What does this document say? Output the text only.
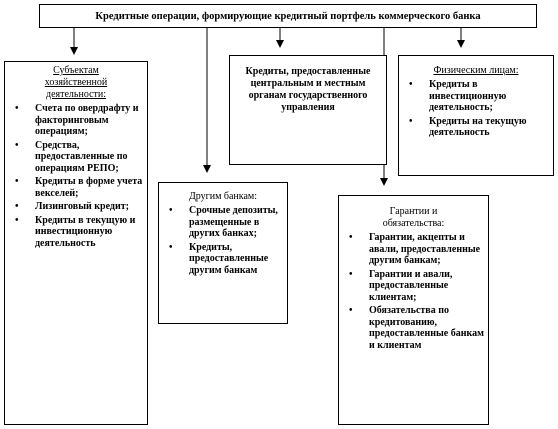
Кредитные операции, формирующие кредитный портфель коммерческого банка
Субъектам хозяйственной деятельности:
• Счета по овердрафту и факторинговым операциям;
• Средства, предоставленные по операциям РЕПО;
• Кредиты в форме учета векселей;
• Лизинговый кредит;
• Кредиты в текущую и инвестиционную деятельность
Другим банкам:
• Срочные депозиты, размещенные в других банках;
• Кредиты, предоставленные другим банкам
Кредиты, предоставленные центральным и местным органам государственного управления
Гарантии и обязательства:
• Гарантии, акцепты и авали, предоставленные другим банкам;
• Гарантии и авали, предоставленные клиентам;
• Обязательства по кредитованию, предоставленные банкам и клиентам
Физическим лицам:
• Кредиты в инвестиционную деятельность;
• Кредиты на текущую деятельность
